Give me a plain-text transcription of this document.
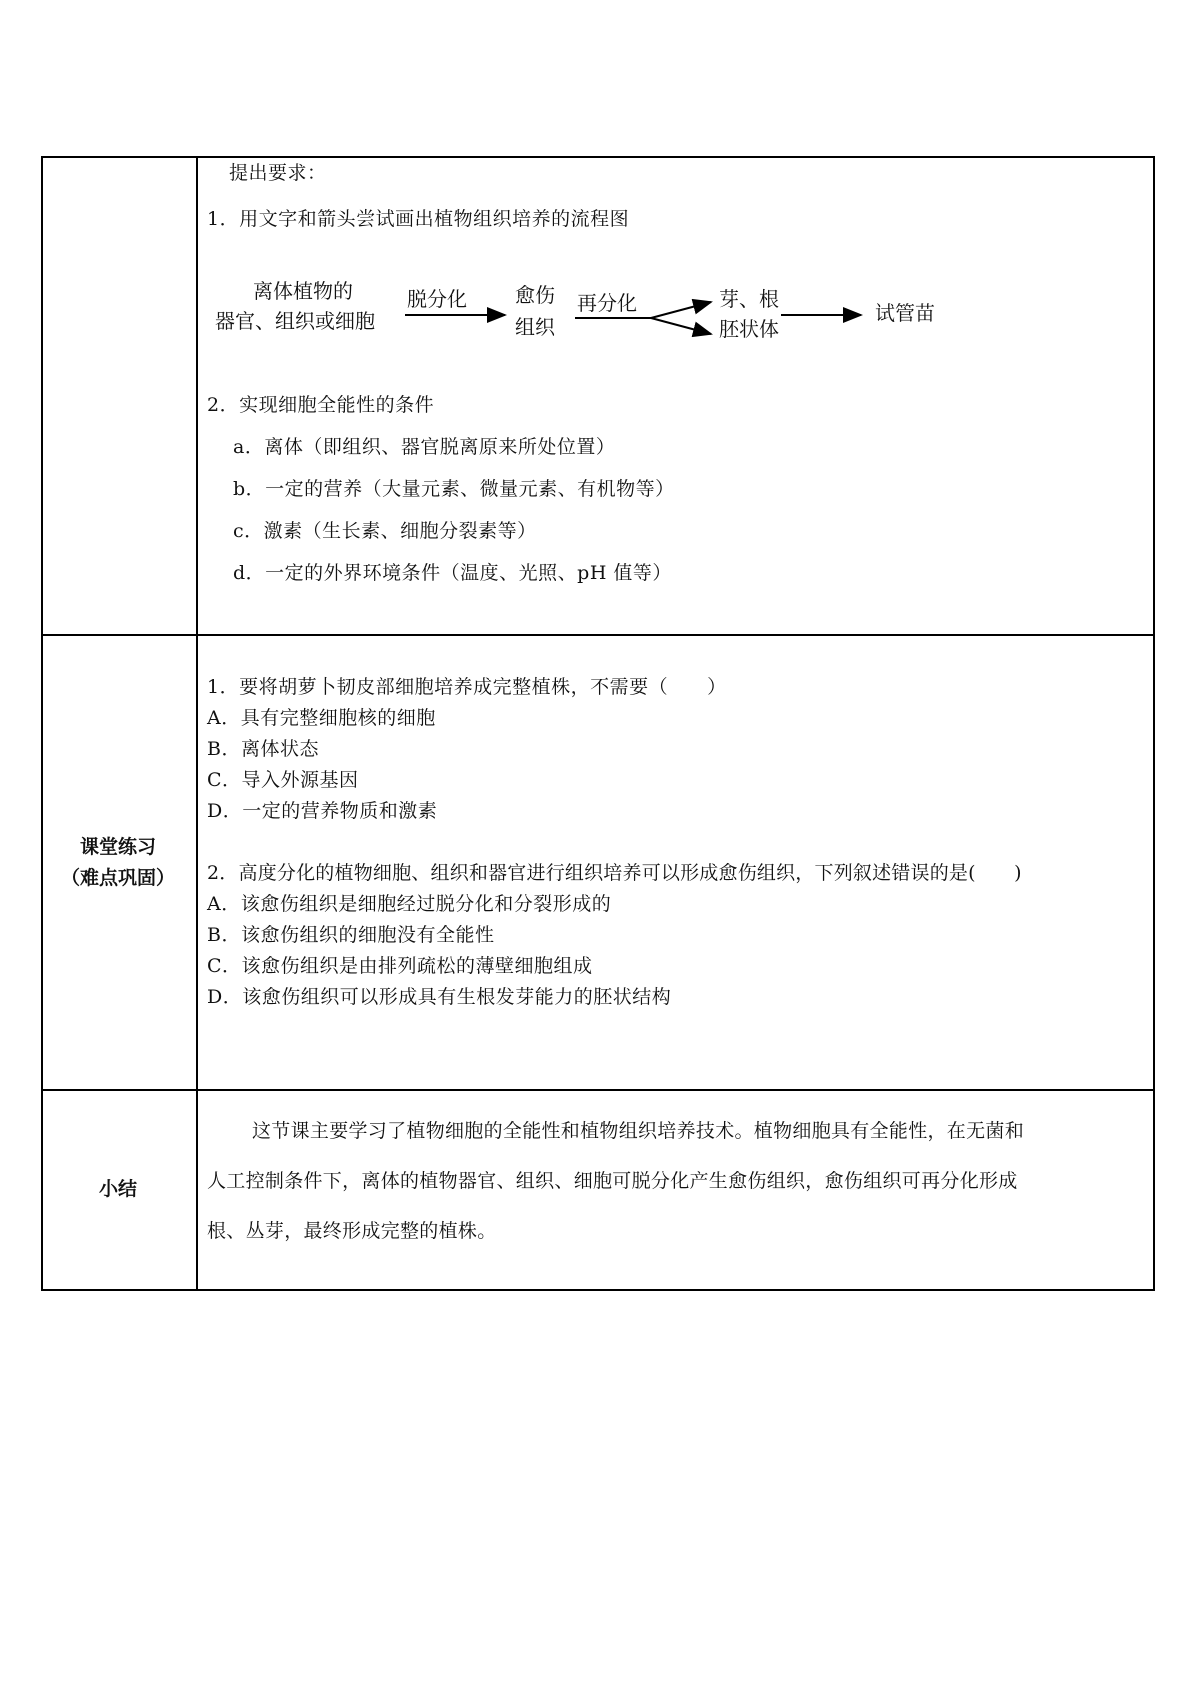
提出要求：
1．用文字和箭头尝试画出植物组织培养的流程图
离体植物的
器官、组织或细胞
脱分化 愈伤
组织
再分化	芽、根
胚状体
试管苗
2．实现细胞全能性的条件
a．离体（即组织、器官脱离原来所处位置）
b．一定的营养（大量元素、微量元素、有机物等）
c．激素（生长素、细胞分裂素等）
d．一定的外界环境条件（温度、光照、pH 值等）
课堂练习
（难点巩固）
1．要将胡萝卜韧皮部细胞培养成完整植株，不需要（　　）
A．具有完整细胞核的细胞
B．离体状态
C．导入外源基因
D．一定的营养物质和激素
2．高度分化的植物细胞、组织和器官进行组织培养可以形成愈伤组织，下列叙述错误的是(　　)
A．该愈伤组织是细胞经过脱分化和分裂形成的
B．该愈伤组织的细胞没有全能性
C．该愈伤组织是由排列疏松的薄壁细胞组成
D．该愈伤组织可以形成具有生根发芽能力的胚状结构
小结
这节课主要学习了植物细胞的全能性和植物组织培养技术。植物细胞具有全能性，在无菌和
人工控制条件下，离体的植物器官、组织、细胞可脱分化产生愈伤组织，愈伤组织可再分化形成
根、丛芽，最终形成完整的植株。
